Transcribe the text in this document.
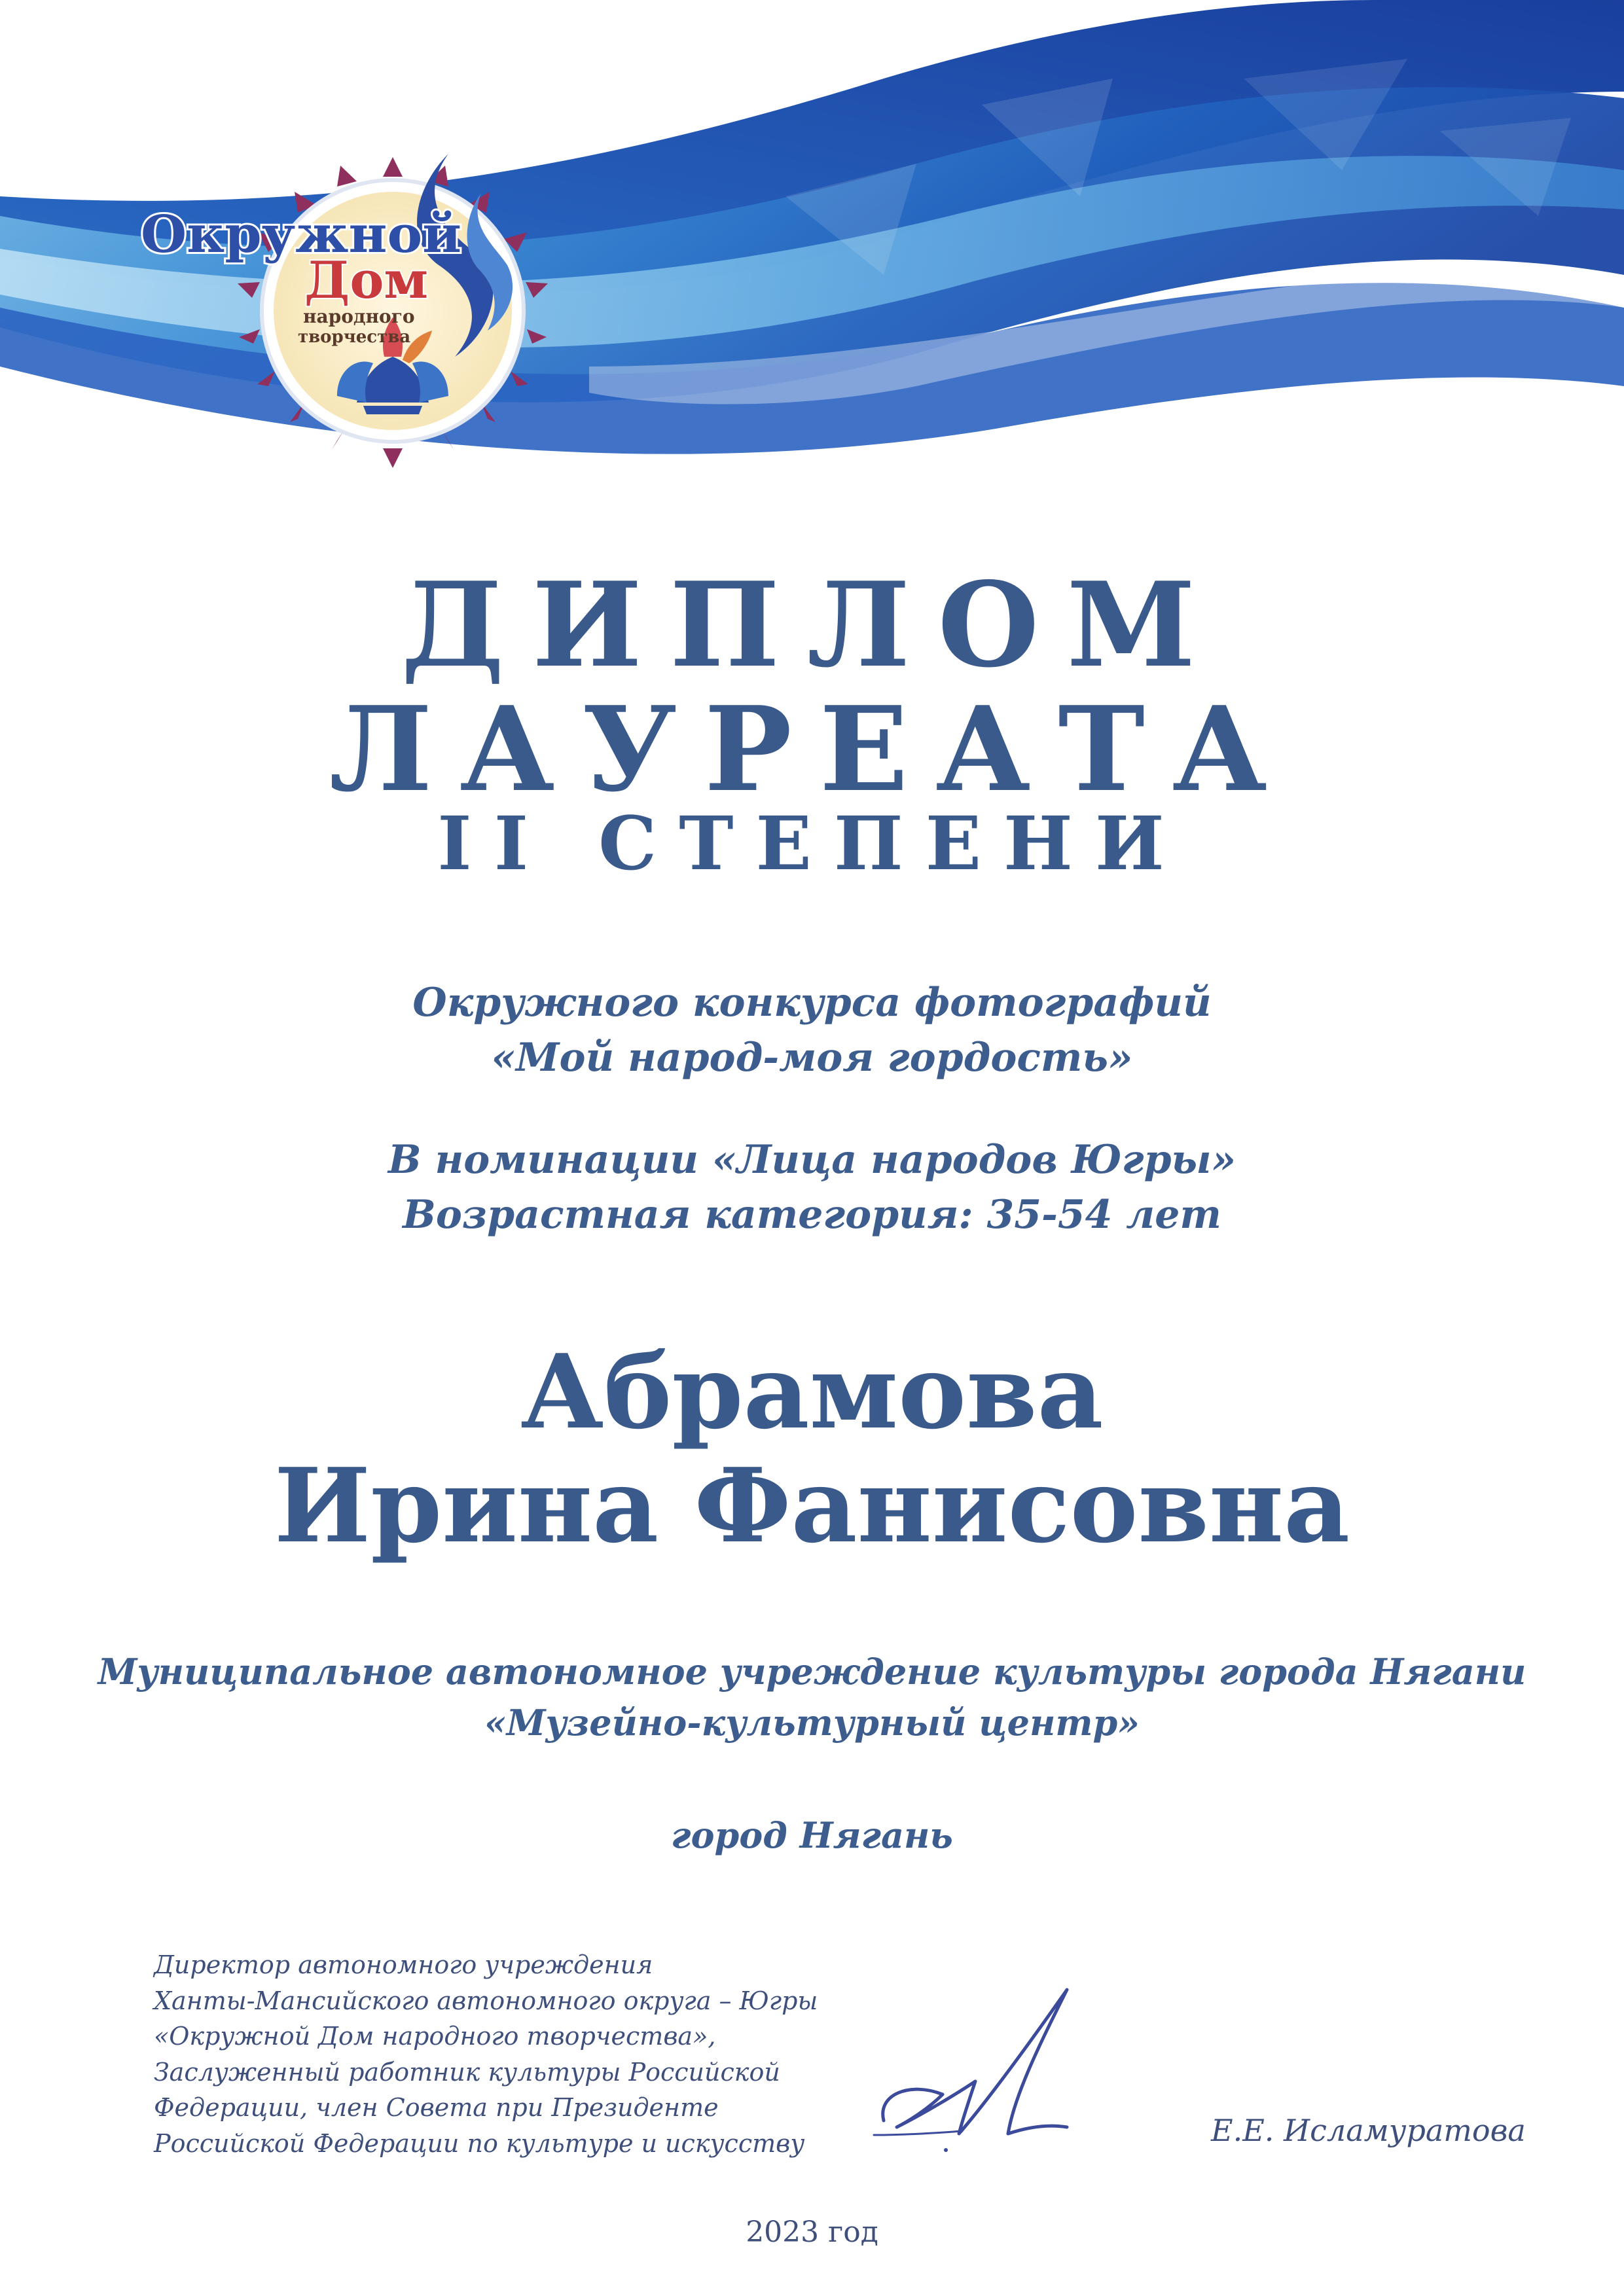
Окружной
Дом
народного
творчества
ДИПЛОМ
ЛАУРЕАТА
II СТЕПЕНИ
Окружного конкурса фотографий
«Мой народ-моя гордость»
В номинации «Лица народов Югры»
Возрастная категория: 35-54 лет
Абрамова
Ирина Фанисовна
Муниципальное автономное учреждение культуры города Нягани
«Музейно-культурный центр»
город Нягань
Директор автономного учреждения
Ханты-Мансийского автономного округа – Югры
«Окружной Дом народного творчества»,
Заслуженный работник культуры Российской
Федерации, член Совета при Президенте
Российской Федерации по культуре и искусству	Е.Е. Исламуратова
2023 год
